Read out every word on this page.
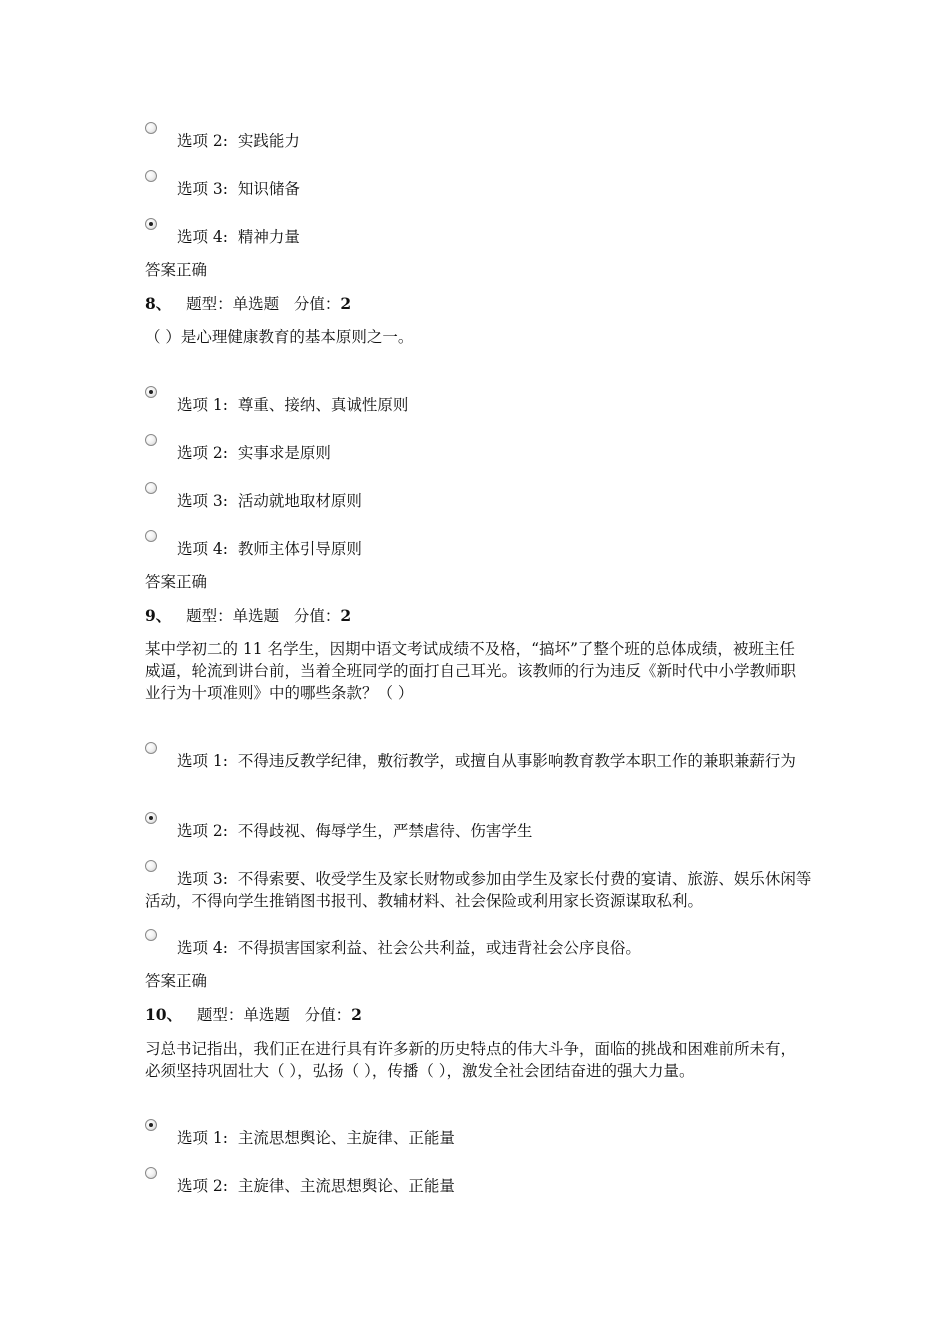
选项 2: 实践能力
选项 3: 知识储备
选项 4: 精神力量
答案正确
8、 题型：单选题 分值：2
（ ）是心理健康教育的基本原则之一。
选项 1: 尊重、接纳、真诚性原则
选项 2: 实事求是原则
选项 3: 活动就地取材原则
选项 4: 教师主体引导原则
答案正确
9、 题型：单选题 分值：2
某中学初二的 11 名学生，因期中语文考试成绩不及格，“搞坏”了整个班的总体成绩，被班主任威逼，轮流到讲台前，当着全班同学的面打自己耳光。该教师的行为违反《新时代中小学教师职业行为十项准则》中的哪些条款？（ ）
选项 1: 不得违反教学纪律，敷衍教学，或擅自从事影响教育教学本职工作的兼职兼薪行为
选项 2: 不得歧视、侮辱学生，严禁虐待、伤害学生
选项 3: 不得索要、收受学生及家长财物或参加由学生及家长付费的宴请、旅游、娱乐休闲等活动，不得向学生推销图书报刊、教辅材料、社会保险或利用家长资源谋取私利。
选项 4: 不得损害国家利益、社会公共利益，或违背社会公序良俗。
答案正确
10、 题型：单选题 分值：2
习总书记指出，我们正在进行具有许多新的历史特点的伟大斗争，面临的挑战和困难前所未有，必须坚持巩固壮大（ ），弘扬（ ），传播（ ），激发全社会团结奋进的强大力量。
选项 1: 主流思想舆论、主旋律、正能量
选项 2: 主旋律、主流思想舆论、正能量
